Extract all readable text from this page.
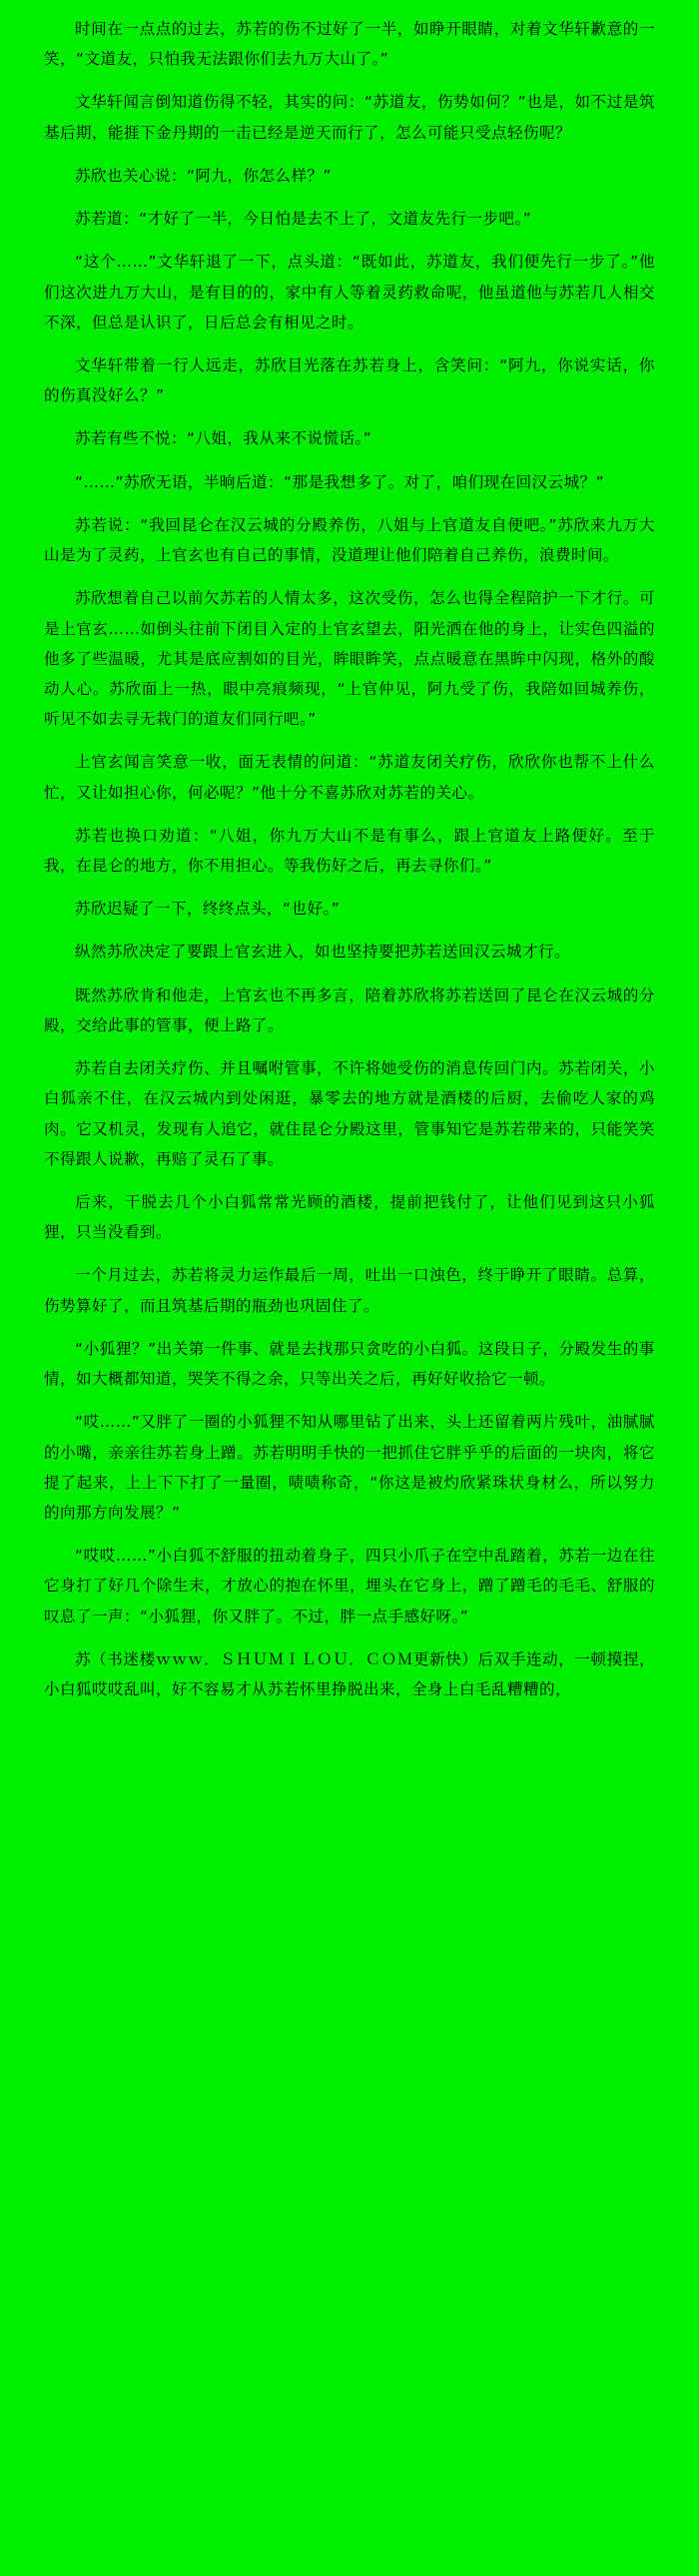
时间在一点点的过去，苏若的伤不过好了一半，如睁开眼睛，对着文华轩歉意的一笑，“文道友，只怕我无法跟你们去九万大山了。”
文华轩闻言倒知道伤得不轻，其实的问：“苏道友，伤势如何？”也是，如不过是筑基后期，能捱下金丹期的一击已经是逆天而行了，怎么可能只受点轻伤呢？
苏欣也关心说：“阿九，你怎么样？”
苏若道：“才好了一半，今日怕是去不上了，文道友先行一步吧。”
“这个……”文华轩退了一下，点头道：“既如此，苏道友，我们便先行一步了。”他们这次进九万大山，是有目的的，家中有人等着灵药救命呢，他虽道他与苏若几人相交不深，但总是认识了，日后总会有相见之时。
文华轩带着一行人远走，苏欣目光落在苏若身上，含笑问：“阿九，你说实话，你的伤真没好么？”
苏若有些不悦：“八姐，我从来不说慌话。”
“……”苏欣无语，半晌后道：“那是我想多了。对了，咱们现在回汉云城？”
苏若说：“我回昆仑在汉云城的分殿养伤，八姐与上官道友自便吧。”苏欣来九万大山是为了灵药，上官玄也有自己的事情，没道理让他们陪着自己养伤，浪费时间。
苏欣想着自己以前欠苏若的人情太多，这次受伤，怎么也得全程陪护一下才行。可是上官玄……如倒头往前下闭目入定的上官玄望去，阳光洒在他的身上，让实色四溢的他多了些温暖，尤其是底应割如的目光，眸眼眸笑，点点暖意在黑眸中闪现，格外的酸动人心。苏欣面上一热，眼中亮痕频现，“上官仲见，阿九受了伤，我陪如回城养伤，听见不如去寻无栽门的道友们同行吧。”
上官玄闻言笑意一收，面无表情的问道：“苏道友闭关疗伤，欣欣你也帮不上什么忙，又让如担心你，何必呢？”他十分不喜苏欣对苏若的关心。
苏若也换口劝道：“八姐，你九万大山不是有事么，跟上官道友上路便好。至于我，在昆仑的地方，你不用担心。等我伤好之后，再去寻你们。”
苏欣迟疑了一下，终终点头，“也好。”
纵然苏欣决定了要跟上官玄进入，如也坚持要把苏若送回汉云城才行。
既然苏欣肯和他走，上官玄也不再多言，陪着苏欣将苏若送回了昆仑在汉云城的分殿，交给此事的管事，便上路了。
苏若自去闭关疗伤、并且嘱咐管事，不许将她受伤的消息传回门内。苏若闭关，小白狐亲不住，在汉云城内到处闲逛，暴零去的地方就是酒楼的后厨，去偷吃人家的鸡肉。它又机灵，发现有人追它，就住昆仑分殿这里，管事知它是苏若带来的，只能笑笑不得跟人说歉，再赔了灵石了事。
后来，干脱去几个小白狐常常光顾的酒楼，提前把钱付了，让他们见到这只小狐狸，只当没看到。
一个月过去，苏若将灵力运作最后一周，吐出一口浊色，终于睁开了眼睛。总算，伤势算好了，而且筑基后期的瓶劲也巩固住了。
“小狐狸？”出关第一件事、就是去找那只贪吃的小白狐。这段日子，分殿发生的事情，如大概都知道，哭笑不得之余，只等出关之后，再好好收拾它一顿。
“哎……”又胖了一圈的小狐狸不知从哪里钻了出来，头上还留着两片残叶，油腻腻的小嘴，亲亲往苏若身上蹭。苏若明明手快的一把抓住它胖乎乎的后面的一块肉，将它提了起来，上上下下打了一量圈，啧啧称奇，“你这是被灼欣紧珠状身材么，所以努力的向那方向发展？”
“哎哎……”小白狐不舒服的扭动着身子，四只小爪子在空中乱踏着，苏若一边在往它身打了好几个除生末，才放心的抱在怀里，埋头在它身上，蹭了蹭毛的毛毛、舒服的叹息了一声：“小狐狸，你又胖了。不过，胖一点手感好呀。”
苏（书迷楼ｗｗｗ．ＳＨＵＭＩＬＯＵ．ＣＯＭ更新快）后双手连动，一顿摸捏，小白狐哎哎乱叫，好不容易才从苏若怀里挣脱出来，全身上白毛乱糟糟的，
